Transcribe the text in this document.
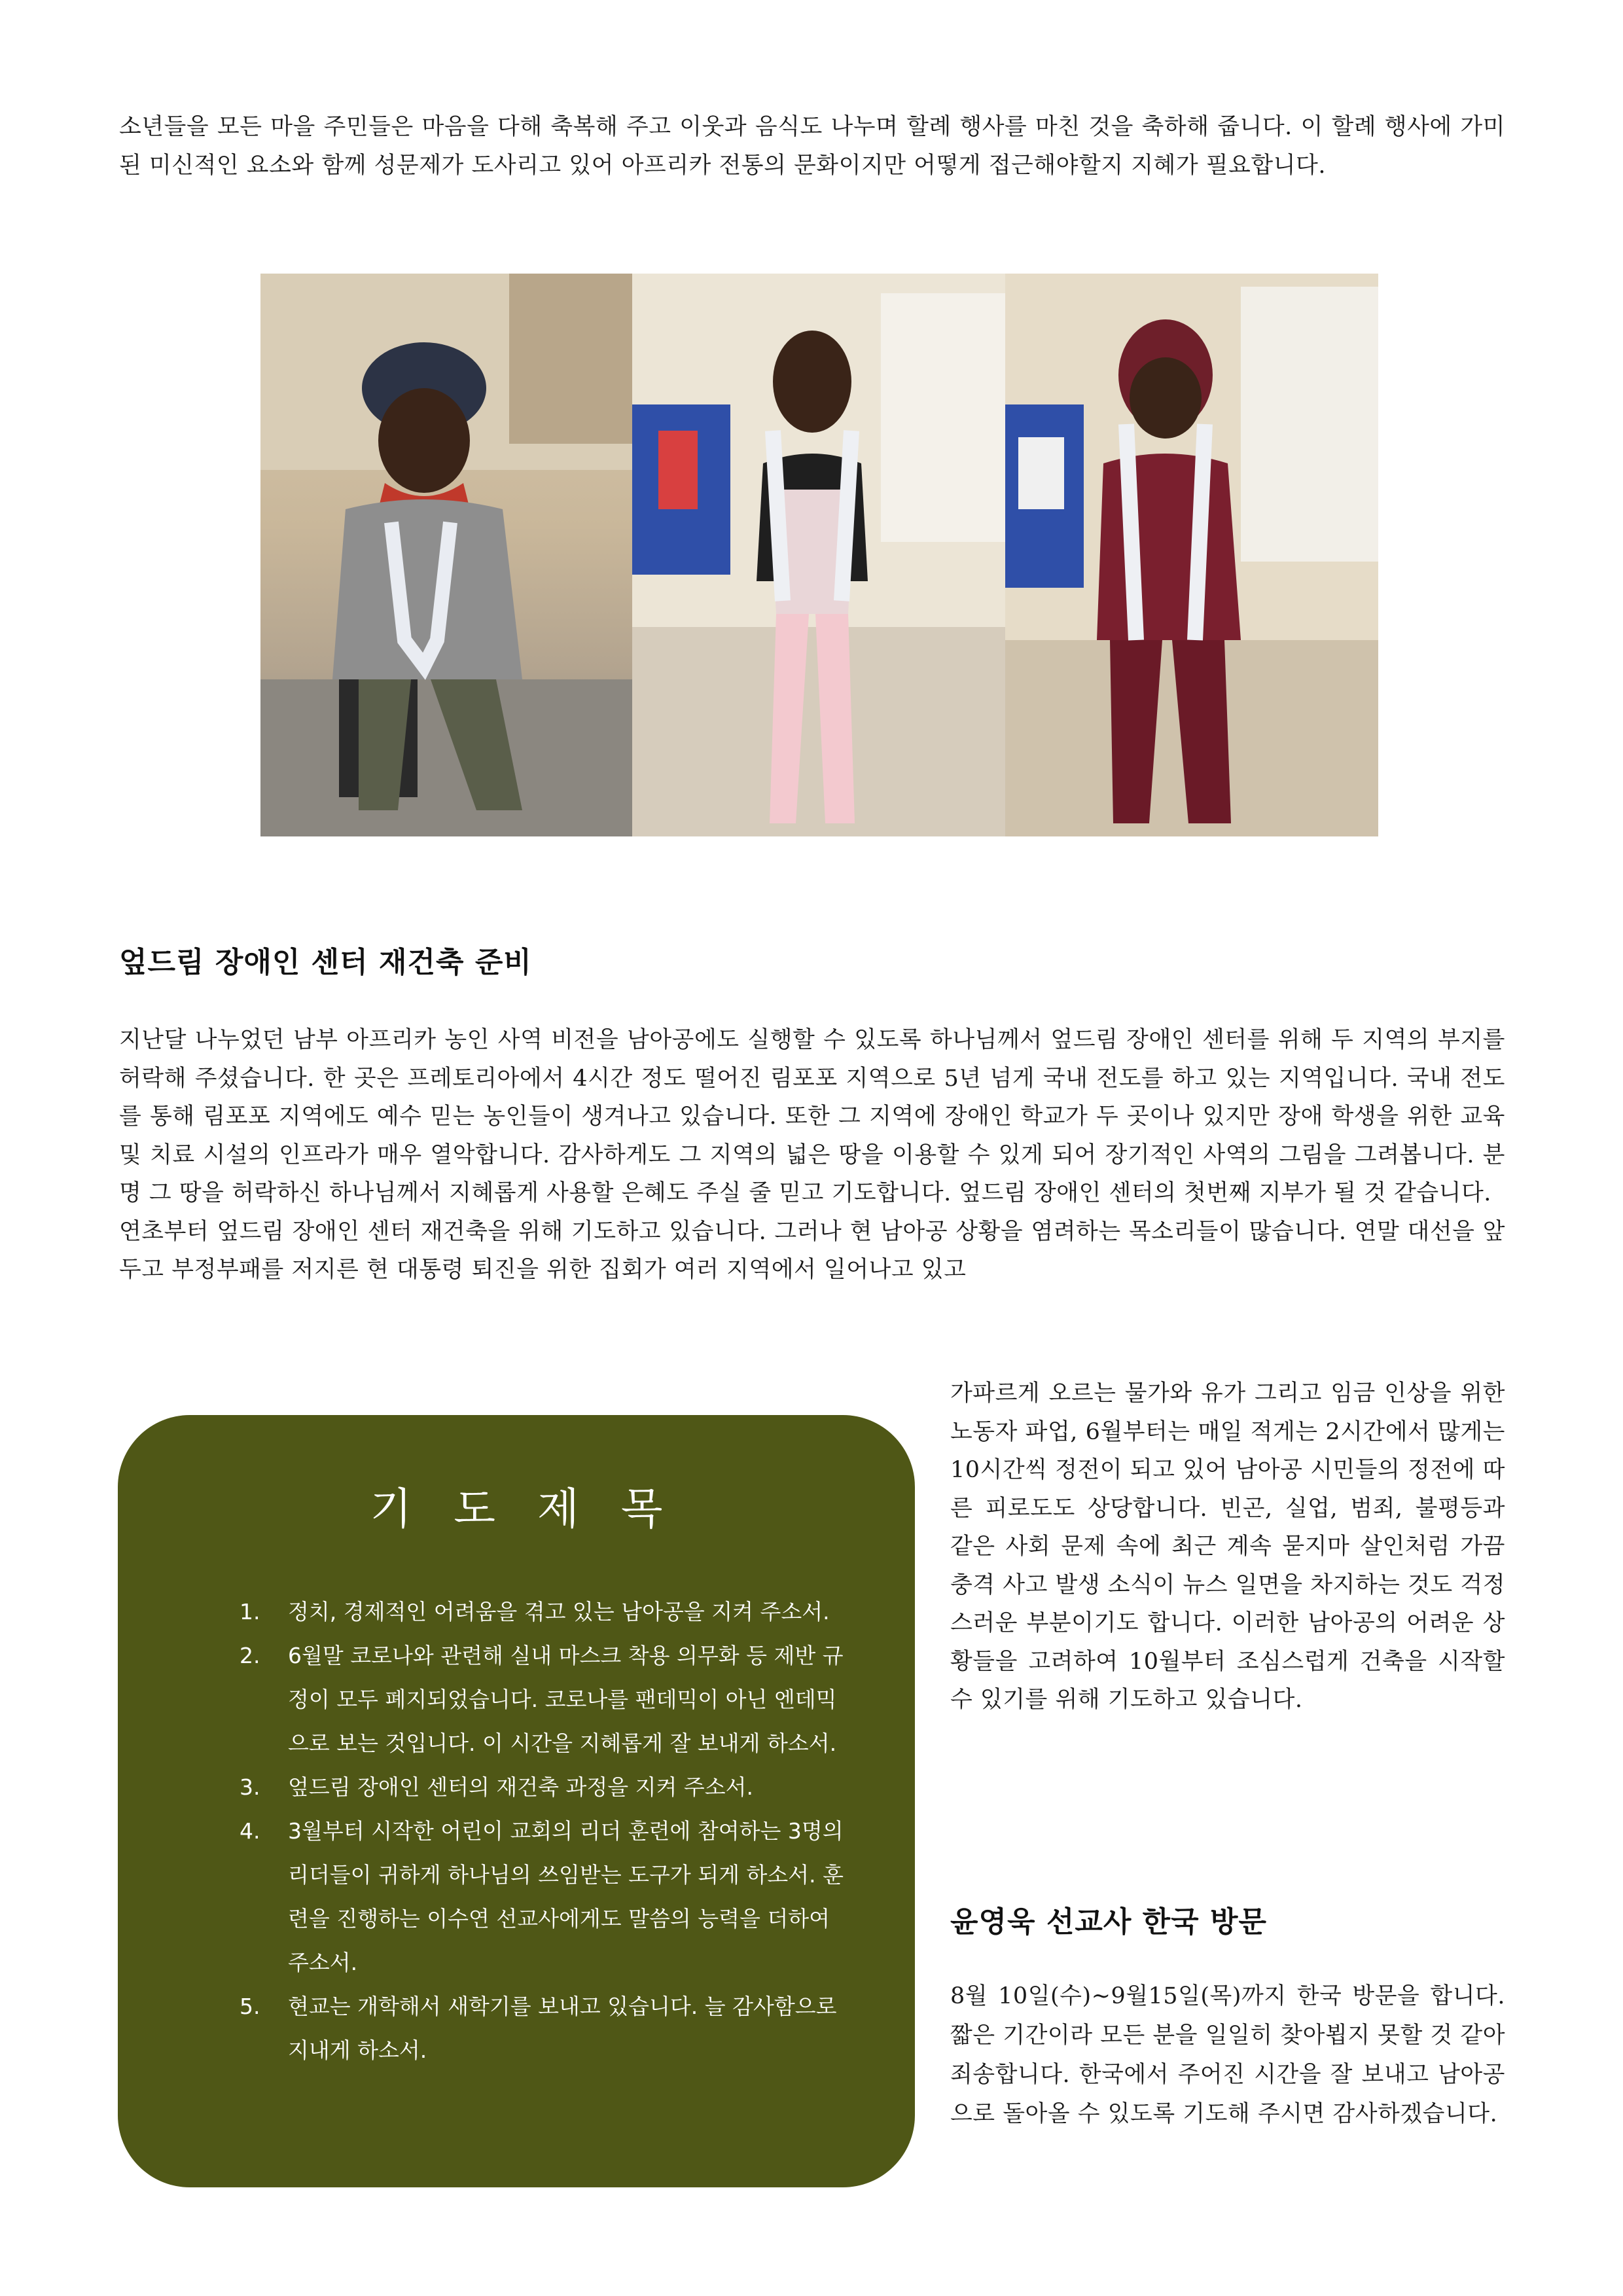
소년들을 모든 마을 주민들은 마음을 다해 축복해 주고 이웃과 음식도 나누며 할례 행사를 마친 것을 축하해 줍니다. 이 할례 행사에 가미된 미신적인 요소와 함께 성문제가 도사리고 있어 아프리카 전통의 문화이지만 어떻게 접근해야할지 지혜가 필요합니다.

엎드림 장애인 센터 재건축 준비

지난달 나누었던 남부 아프리카 농인 사역 비전을 남아공에도 실행할 수 있도록 하나님께서 엎드림 장애인 센터를 위해 두 지역의 부지를 허락해 주셨습니다. 한 곳은 프레토리아에서 4시간 정도 떨어진 림포포 지역으로 5년 넘게 국내 전도를 하고 있는 지역입니다. 국내 전도를 통해 림포포 지역에도 예수 믿는 농인들이 생겨나고 있습니다. 또한 그 지역에 장애인 학교가 두 곳이나 있지만 장애 학생을 위한 교육 및 치료 시설의 인프라가 매우 열악합니다. 감사하게도 그 지역의 넓은 땅을 이용할 수 있게 되어 장기적인 사역의 그림을 그려봅니다. 분명 그 땅을 허락하신 하나님께서 지혜롭게 사용할 은혜도 주실 줄 믿고 기도합니다. 엎드림 장애인 센터의 첫번째 지부가 될 것 같습니다.

연초부터 엎드림 장애인 센터 재건축을 위해 기도하고 있습니다. 그러나 현 남아공 상황을 염려하는 목소리들이 많습니다. 연말 대선을 앞두고 부정부패를 저지른 현 대통령 퇴진을 위한 집회가 여러 지역에서 일어나고 있고

가파르게 오르는 물가와 유가 그리고 임금 인상을 위한 노동자 파업, 6월부터는 매일 적게는 2시간에서 많게는 10시간씩 정전이 되고 있어 남아공 시민들의 정전에 따른 피로도도 상당합니다. 빈곤, 실업, 범죄, 불평등과 같은 사회 문제 속에 최근 계속 묻지마 살인처럼 가끔 충격 사고 발생 소식이 뉴스 일면을 차지하는 것도 걱정스러운 부분이기도 합니다. 이러한 남아공의 어려운 상황들을 고려하여 10월부터 조심스럽게 건축을 시작할 수 있기를 위해 기도하고 있습니다.

기도제목
1. 정치, 경제적인 어려움을 겪고 있는 남아공을 지켜 주소서.
2. 6월말 코로나와 관련해 실내 마스크 착용 의무화 등 제반 규정이 모두 폐지되었습니다. 코로나를 팬데믹이 아닌 엔데믹으로 보는 것입니다. 이 시간을 지혜롭게 잘 보내게 하소서.
3. 엎드림 장애인 센터의 재건축 과정을 지켜 주소서.
4. 3월부터 시작한 어린이 교회의 리더 훈련에 참여하는 3명의 리더들이 귀하게 하나님의 쓰임받는 도구가 되게 하소서. 훈련을 진행하는 이수연 선교사에게도 말씀의 능력을 더하여 주소서.
5. 현교는 개학해서 새학기를 보내고 있습니다. 늘 감사함으로 지내게 하소서.
윤영욱 선교사 한국 방문

8월 10일(수)~9월15일(목)까지 한국 방문을 합니다. 짧은 기간이라 모든 분을 일일히 찾아뵙지 못할 것 같아 죄송합니다. 한국에서 주어진 시간을 잘 보내고 남아공으로 돌아올 수 있도록 기도해 주시면 감사하겠습니다.
